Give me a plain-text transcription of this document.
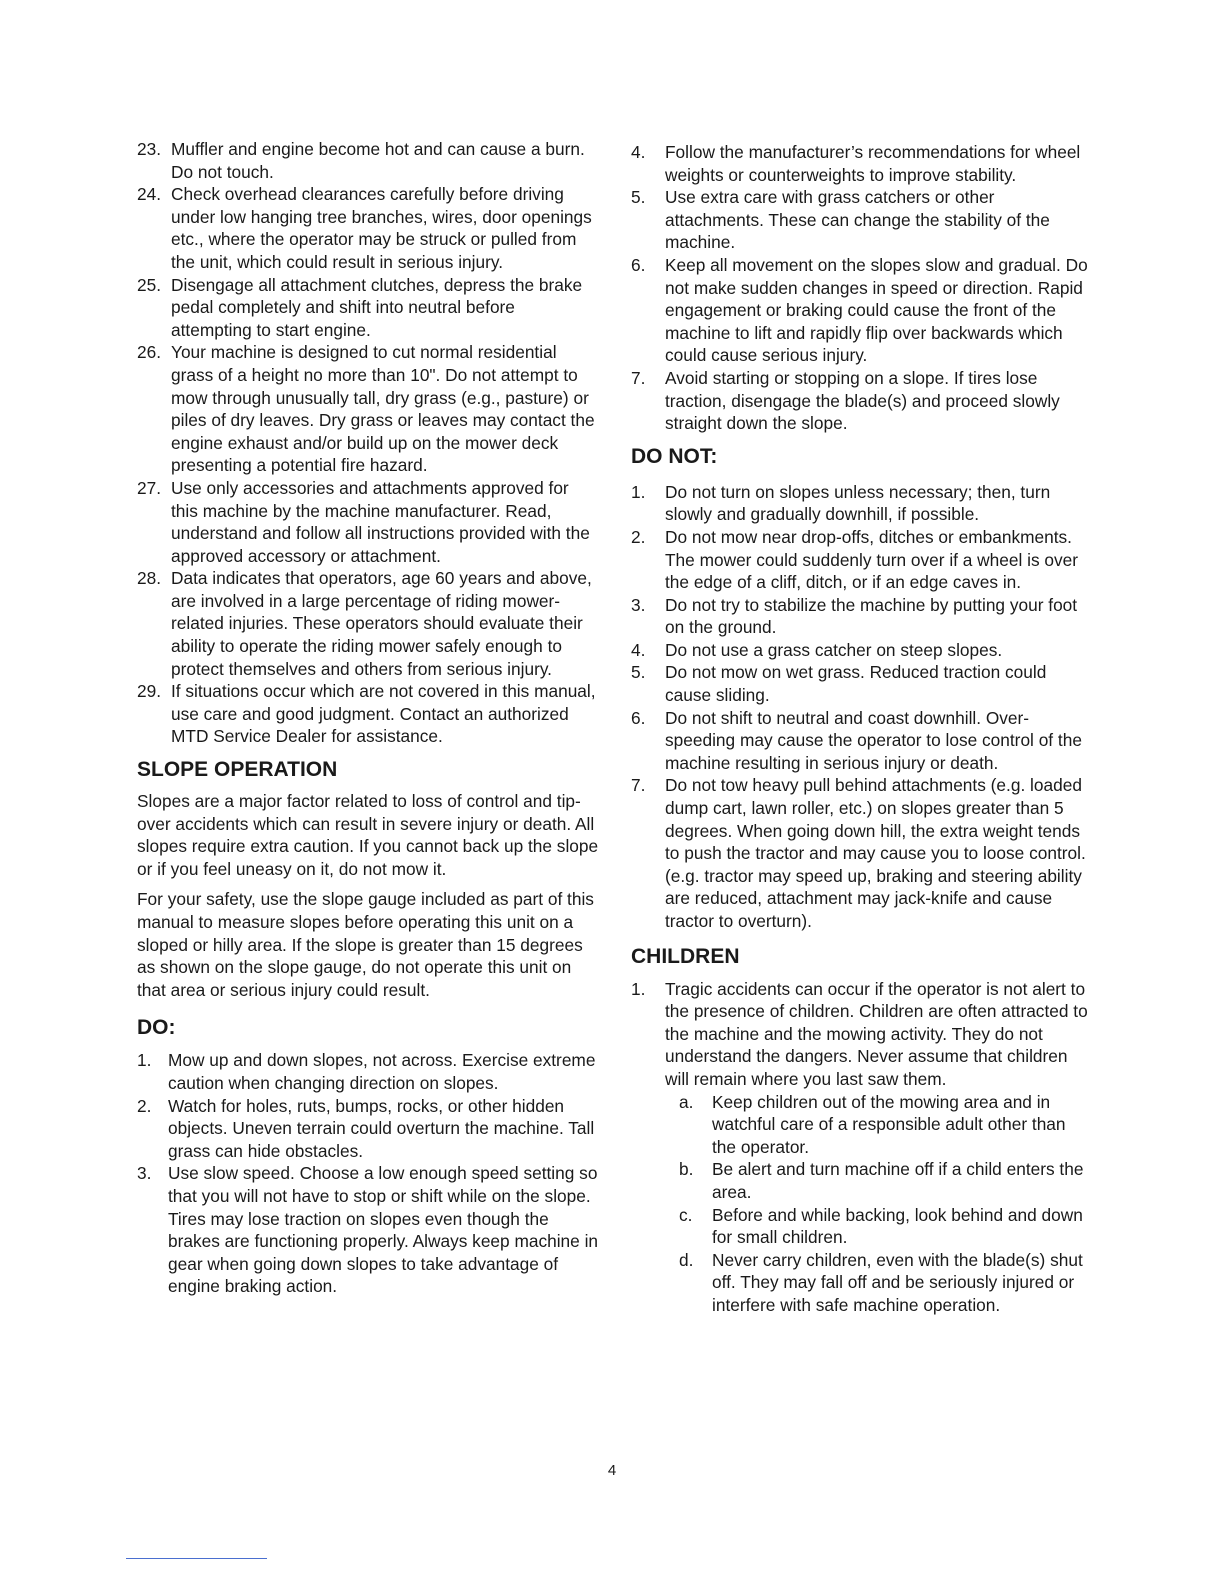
23. Muffler and engine become hot and can cause a burn. Do not touch.
24. Check overhead clearances carefully before driving under low hanging tree branches, wires, door openings etc., where the operator may be struck or pulled from the unit, which could result in serious injury.
25. Disengage all attachment clutches, depress the brake pedal completely and shift into neutral before attempting to start engine.
26. Your machine is designed to cut normal residential grass of a height no more than 10". Do not attempt to mow through unusually tall, dry grass (e.g., pasture) or piles of dry leaves. Dry grass or leaves may contact the engine exhaust and/or build up on the mower deck presenting a potential fire hazard.
27. Use only accessories and attachments approved for this machine by the machine manufacturer. Read, understand and follow all instructions provided with the approved accessory or attachment.
28. Data indicates that operators, age 60 years and above, are involved in a large percentage of riding mower-related injuries. These operators should evaluate their ability to operate the riding mower safely enough to protect themselves and others from serious injury.
29. If situations occur which are not covered in this manual, use care and good judgment. Contact an authorized MTD Service Dealer for assistance.
SLOPE OPERATION

Slopes are a major factor related to loss of control and tip-over accidents which can result in severe injury or death. All slopes require extra caution. If you cannot back up the slope or if you feel uneasy on it, do not mow it.

For your safety, use the slope gauge included as part of this manual to measure slopes before operating this unit on a sloped or hilly area. If the slope is greater than 15 degrees as shown on the slope gauge, do not operate this unit on that area or serious injury could result.

DO:
1. Mow up and down slopes, not across. Exercise extreme caution when changing direction on slopes.
2. Watch for holes, ruts, bumps, rocks, or other hidden objects. Uneven terrain could overturn the machine. Tall grass can hide obstacles.
3. Use slow speed. Choose a low enough speed setting so that you will not have to stop or shift while on the slope. Tires may lose traction on slopes even though the brakes are functioning properly. Always keep machine in gear when going down slopes to take advantage of engine braking action.
4.	Follow the manufacturer’s recommendations for wheel weights or counterweights to improve stability.
5.	Use extra care with grass catchers or other attachments. These can change the stability of the machine.
6.	Keep all movement on the slopes slow and gradual. Do not make sudden changes in speed or direction. Rapid engagement or braking could cause the front of the machine to lift and rapidly flip over backwards which could cause serious injury.
7.	Avoid starting or stopping on a slope. If tires lose traction, disengage the blade(s) and proceed slowly straight down the slope.
DO NOT:
1.	Do not turn on slopes unless necessary; then, turn slowly and gradually downhill, if possible.
2.	Do not mow near drop-offs, ditches or embankments. The mower could suddenly turn over if a wheel is over the edge of a cliff, ditch, or if an edge caves in.
3.	Do not try to stabilize the machine by putting your foot on the ground.
4.	Do not use a grass catcher on steep slopes.
5.	Do not mow on wet grass. Reduced traction could cause sliding.
6.	Do not shift to neutral and coast downhill. Over-speeding may cause the operator to lose control of the machine resulting in serious injury or death.
7.	Do not tow heavy pull behind attachments (e.g. loaded dump cart, lawn roller, etc.) on slopes greater than 5 degrees. When going down hill, the extra weight tends to push the tractor and may cause you to loose control. (e.g. tractor may speed up, braking and steering ability are reduced, attachment may jack-knife and cause tractor to overturn).
CHILDREN
1.	Tragic accidents can occur if the operator is not alert to the presence of children. Children are often attracted to the machine and the mowing activity. They do not understand the dangers. Never assume that children will remain where you last saw them.
a.	Keep children out of the mowing area and in watchful care of a responsible adult other than the operator.
b.	Be alert and turn machine off if a child enters the area.
c.	Before and while backing, look behind and down for small children.
d.	Never carry children, even with the blade(s) shut off. They may fall off and be seriously injured or interfere with safe machine operation.
4
